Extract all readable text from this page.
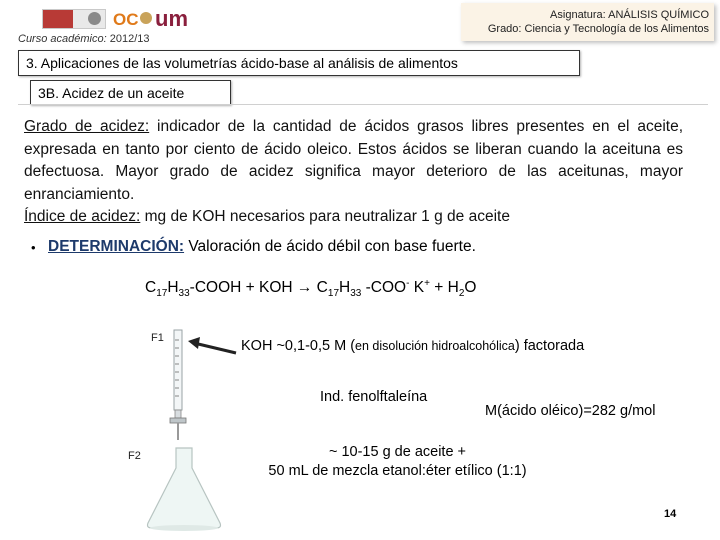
OC um
Curso académico: 2012/13
Asignatura: ANÁLISIS QUÍMICO
Grado: Ciencia y Tecnología de los Alimentos
3. Aplicaciones de las volumetrías ácido-base al análisis de alimentos
3B. Acidez de un aceite
Grado de acidez: indicador de la cantidad de ácidos grasos libres presentes en el aceite, expresada en tanto por ciento de ácido oleico. Estos ácidos se liberan cuando la aceituna es defectuosa. Mayor grado de acidez significa mayor deterioro de las aceitunas, mayor enranciamiento.
Índice de acidez: mg de KOH necesarios para neutralizar 1 g de aceite
• DETERMINACIÓN: Valoración de ácido débil con base fuerte.
$C_{17}H_{33}$-COOH + KOH → $C_{17}H_{33}$ -COO- $K^+ + H_2O$
F1
F2
KOH ~0,1-0,5 M (en disolución hidroalcohólica) factorada
Ind. fenolftaleína
M(ácido oléico)=282 g/mol
~ 10-15 g de aceite +
50 mL de mezcla etanol:éter etílico (1:1)
14
